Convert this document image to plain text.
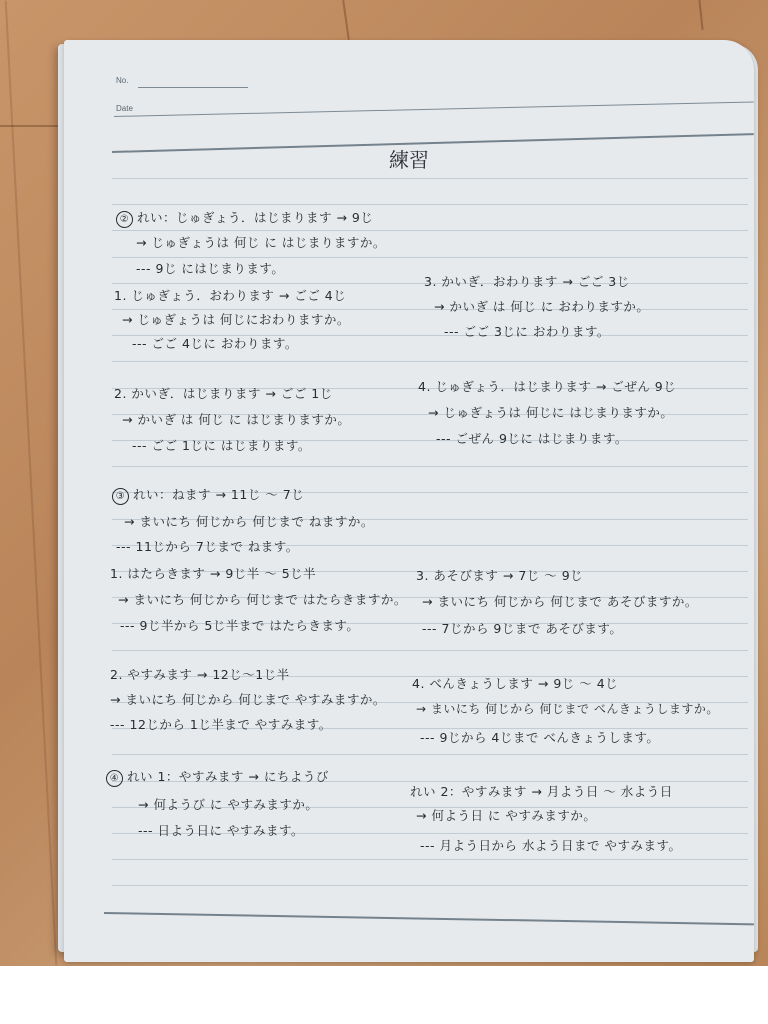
No.
Date
練習
② れい：じゅぎょう．はじまります → 9じ
→ じゅぎょうは 何じ に はじまりますか。
--- 9じ にはじまります。
1. じゅぎょう．おわります → ごご 4じ
→ じゅぎょうは 何じにおわりますか。
--- ごご 4じに おわります。
2. かいぎ．はじまります → ごご 1じ
→ かいぎ は 何じ に はじまりますか。
--- ごご 1じに はじまります。
3. かいぎ．おわります → ごご 3じ
→ かいぎ は 何じ に おわりますか。
--- ごご 3じに おわります。
4. じゅぎょう．はじまります → ごぜん 9じ
→ じゅぎょうは 何じに はじまりますか。
--- ごぜん 9じに はじまります。
③ れい：ねます → 11じ ～ 7じ
→ まいにち 何じから 何じまで ねますか。
--- 11じから 7じまで ねます。
1. はたらきます → 9じ半 ～ 5じ半
→ まいにち 何じから 何じまで はたらきますか。
--- 9じ半から 5じ半まで はたらきます。
2. やすみます → 12じ～1じ半
→ まいにち 何じから 何じまで やすみますか。
--- 12じから 1じ半まで やすみます。
3. あそびます → 7じ ～ 9じ
→ まいにち 何じから 何じまで あそびますか。
--- 7じから 9じまで あそびます。
4. べんきょうします → 9じ ～ 4じ
→ まいにち 何じから 何じまで べんきょうしますか。
--- 9じから 4じまで べんきょうします。
④ れい 1：やすみます → にちようび
→ 何ようび に やすみますか。
--- 日よう日に やすみます。
れい 2：やすみます → 月よう日 ～ 水よう日
→ 何よう日 に やすみますか。
--- 月よう日から 水よう日まで やすみます。
